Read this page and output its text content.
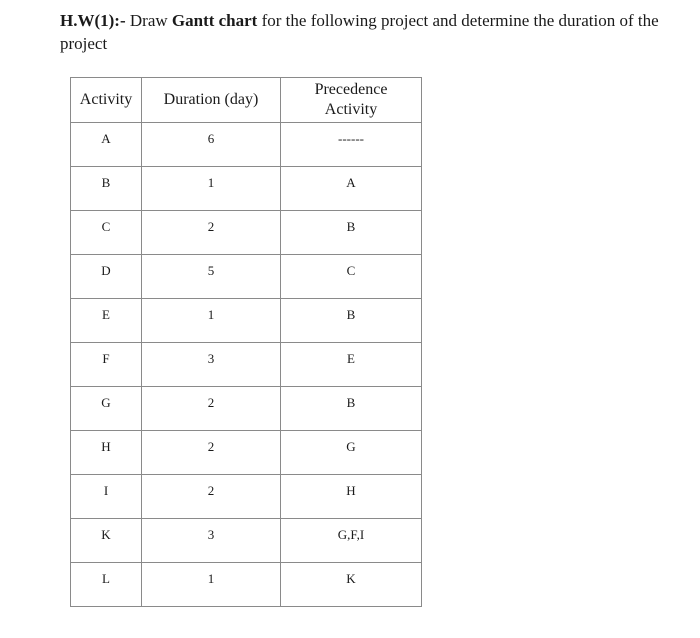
H.W(1):- Draw Gantt chart for the following project and determine the duration of the project
Activity	Duration (day)	Precedence Activity
A	6	------
B	1	A
C	2	B
D	5	C
E	1	B
F	3	E
G	2	B
H	2	G
I	2	H
K	3	G,F,I
L	1	K
